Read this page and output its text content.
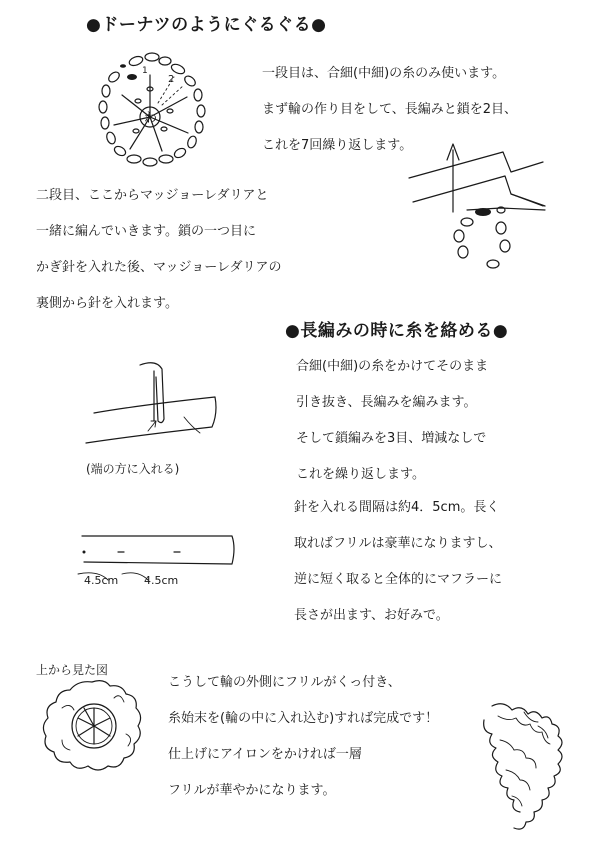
●ドーナツのようにぐるぐる●
わ
1
2	一段目は、合細(中細)の糸のみ使います。

まず輪の作り目をして、長編みと鎖を2目、

これを7回繰り返します。

二段目、ここからマッジョーレダリアと

一緒に編んでいきます。鎖の一つ目に

かぎ針を入れた後、マッジョーレダリアの

裏側から針を入れます。

●長編みの時に糸を絡める●
(端の方に入れる)

合細(中細)の糸をかけてそのまま

引き抜き、長編みを編みます。

そして鎖編みを3目、増減なしで

これを繰り返します。

4.5cm 4.5cm

針を入れる間隔は約4．5cm。長く

取ればフリルは豪華になりますし、

逆に短く取ると全体的にマフラーに

長さが出ます、お好みで。

上から見た図

こうして輪の外側にフリルがくっ付き、

糸始末を(輪の中に入れ込む)すれば完成です！

仕上げにアイロンをかければ一層

フリルが華やかになります。
